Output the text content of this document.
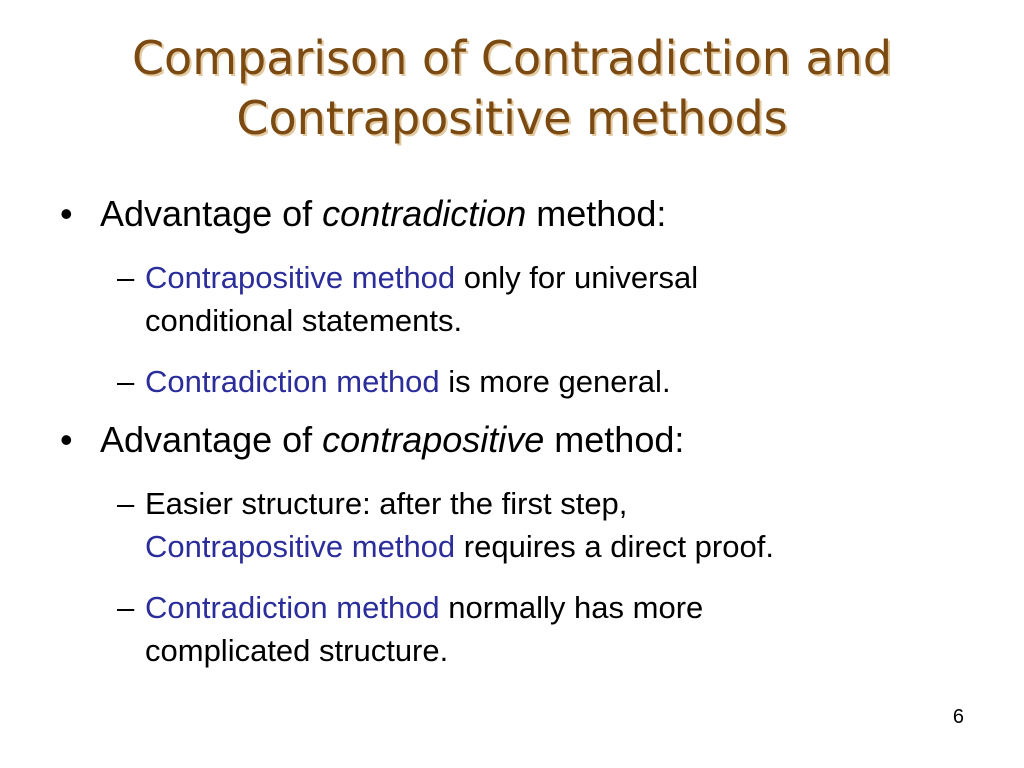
Comparison of Contradiction and
Contrapositive methods
• Advantage of contradiction method:
– Contrapositive method only for universal
conditional statements.
– Contradiction method is more general.
• Advantage of contrapositive method:
– Easier structure: after the first step,
Contrapositive method requires a direct proof.
– Contradiction method normally has more
complicated structure.
6
